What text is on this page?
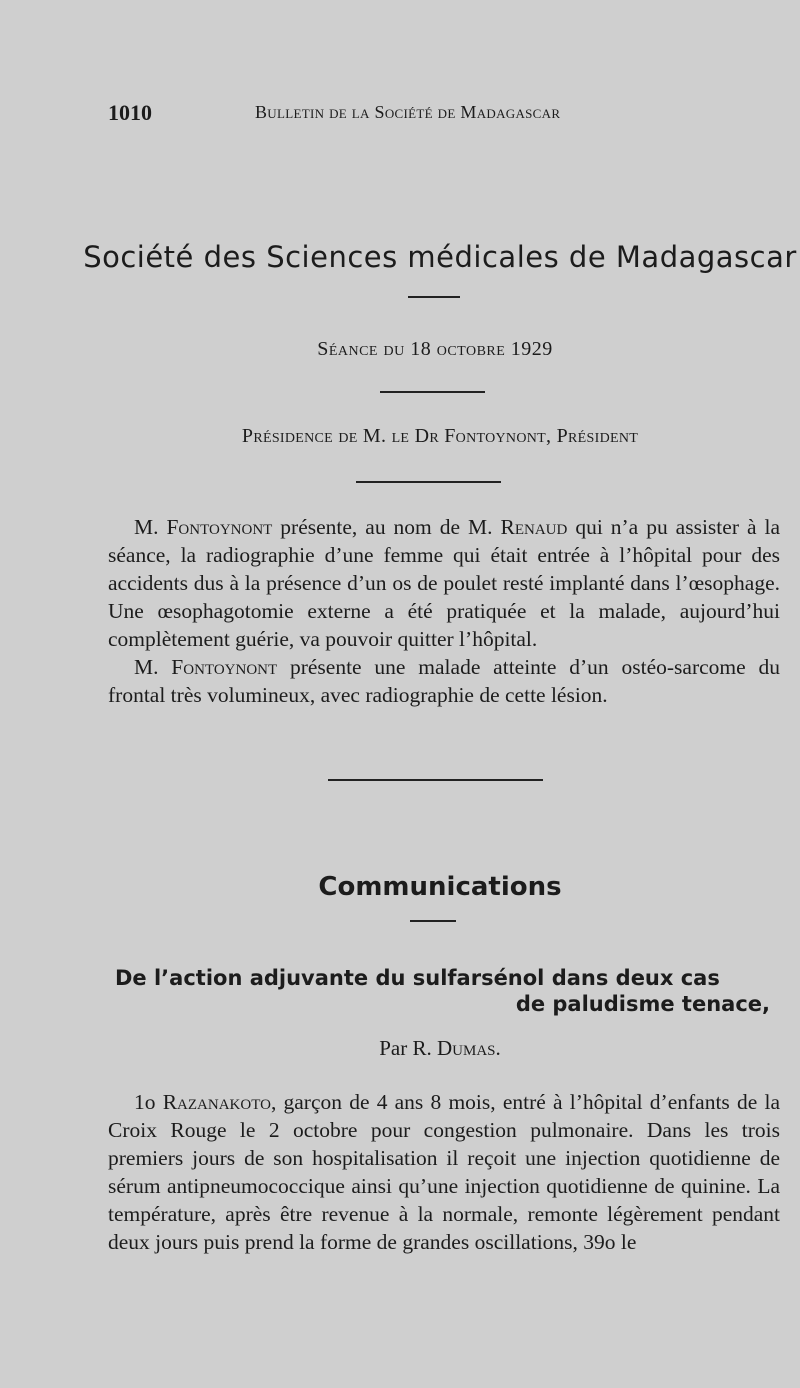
1010	Bulletin de la Société de Madagascar
Société des Sciences médicales de Madagascar
Séance du 18 octobre 1929
Présidence de M. le Dr Fontoynont, Président

M. Fontoynont présente, au nom de M. Renaud qui n’a pu assister à la séance, la radiographie d’une femme qui était entrée à l’hôpital pour des accidents dus à la présence d’un os de poulet resté implanté dans l’œsophage. Une œsophagotomie externe a été pratiquée et la malade, aujourd’hui complètement guérie, va pouvoir quitter l’hôpital.

M. Fontoynont présente une malade atteinte d’un ostéo-sarcome du frontal très volumineux, avec radiographie de cette lésion.

Communications
De l’action adjuvante du sulfarsénol dans deux cas
de paludisme tenace,
Par R. Dumas.

1o Razanakoto, garçon de 4 ans 8 mois, entré à l’hôpital d’enfants de la Croix Rouge le 2 octobre pour congestion pulmonaire. Dans les trois premiers jours de son hospitalisation il reçoit une injection quotidienne de sérum antipneumococcique ainsi qu’une injection quotidienne de quinine. La température, après être revenue à la normale, remonte légèrement pendant deux jours puis prend la forme de grandes oscillations, 39o le
